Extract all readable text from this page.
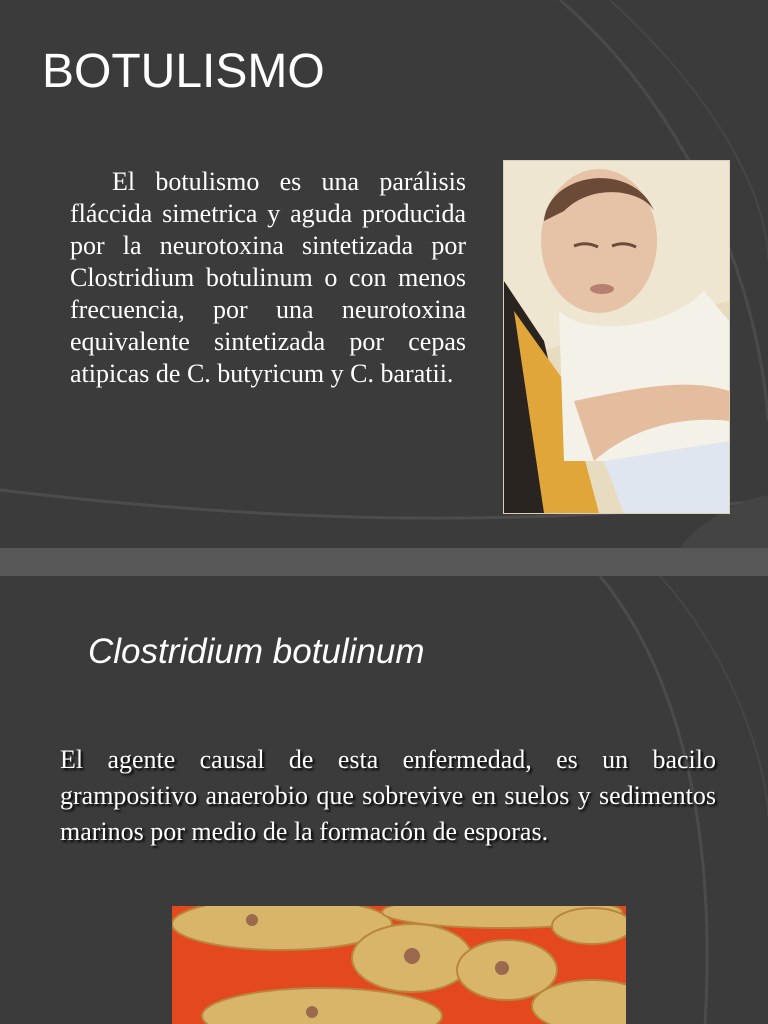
BOTULISMO
El botulismo es una parálisis fláccida simetrica y aguda producida por la neurotoxina sintetizada por Clostridium botulinum o con menos frecuencia, por una neurotoxina equivalente sintetizada por cepas atipicas de C. butyricum y C. baratii.
Clostridium botulinum
El agente causal de esta enfermedad, es un bacilo grampositivo anaerobio que sobrevive en suelos y sedimentos marinos por medio de la formación de esporas.
